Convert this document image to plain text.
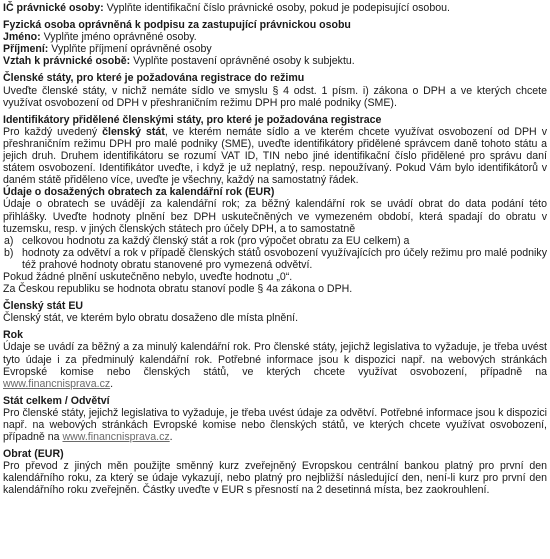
IČ právnické osoby: Vyplňte identifikační číslo právnické osoby, pokud je podepisující osobou.

Fyzická osoba oprávněná k podpisu za zastupující právnickou osobu

Jméno: Vyplňte jméno oprávněné osoby.

Příjmení: Vyplňte příjmení oprávněné osoby

Vztah k právnické osobě: Vyplňte postavení oprávněné osoby k subjektu.

Členské státy, pro které je požadována registrace do režimu

Uveďte členské státy, v nichž nemáte sídlo ve smyslu § 4 odst. 1 písm. i) zákona o DPH a ve kterých chcete využívat osvobození od DPH v přeshraničním režimu DPH pro malé podniky (SME).

Identifikátory přidělené členskými státy, pro které je požadována registrace

Pro každý uvedený členský stát, ve kterém nemáte sídlo a ve kterém chcete využívat osvobození od DPH v přeshraničním režimu DPH pro malé podniky (SME), uveďte identifikátory přidělené správcem daně tohoto státu a jejich druh. Druhem identifikátoru se rozumí VAT ID, TIN nebo jiné identifikační číslo přidělené pro správu daní státem osvobození. Identifikátor uveďte, i když je už neplatný, resp. nepoužívaný. Pokud Vám bylo identifikátorů v daném státě přiděleno více, uveďte je všechny, každý na samostatný řádek.

Údaje o dosažených obratech za kalendářní rok (EUR)

Údaje o obratech se uvádějí za kalendářní rok; za běžný kalendářní rok se uvádí obrat do data podání této přihlášky. Uveďte hodnoty plnění bez DPH uskutečněných ve vymezeném období, která spadají do obratu v tuzemsku, resp. v jiných členských státech pro účely DPH, a to samostatně

a) celkovou hodnotu za každý členský stát a rok (pro výpočet obratu za EU celkem) a

b) hodnoty za odvětví a rok v případě členských států osvobození využívajících pro účely režimu pro malé podniky též prahové hodnoty obratu stanovené pro vymezená odvětví.

Pokud žádné plnění uskutečněno nebylo, uveďte hodnotu „0“.

Za Českou republiku se hodnota obratu stanoví podle § 4a zákona o DPH.

Členský stát EU

Členský stát, ve kterém bylo obratu dosaženo dle místa plnění.

Rok

Údaje se uvádí za běžný a za minulý kalendářní rok. Pro členské státy, jejichž legislativa to vyžaduje, je třeba uvést tyto údaje i za předminulý kalendářní rok. Potřebné informace jsou k dispozici např. na webových stránkách Evropské komise nebo členských států, ve kterých chcete využívat osvobození, případně na www.financnisprava.cz.

Stát celkem / Odvětví

Pro členské státy, jejichž legislativa to vyžaduje, je třeba uvést údaje za odvětví. Potřebné informace jsou k dispozici např. na webových stránkách Evropské komise nebo členských států, ve kterých chcete využívat osvobození, případně na www.financnisprava.cz.

Obrat (EUR)

Pro převod z jiných měn použijte směnný kurz zveřejněný Evropskou centrální bankou platný pro první den kalendářního roku, za který se údaje vykazují, nebo platný pro nejbližší následující den, není-li kurz pro první den kalendářního roku zveřejněn. Částky uveďte v EUR s přesností na 2 desetinná místa, bez zaokrouhlení.
